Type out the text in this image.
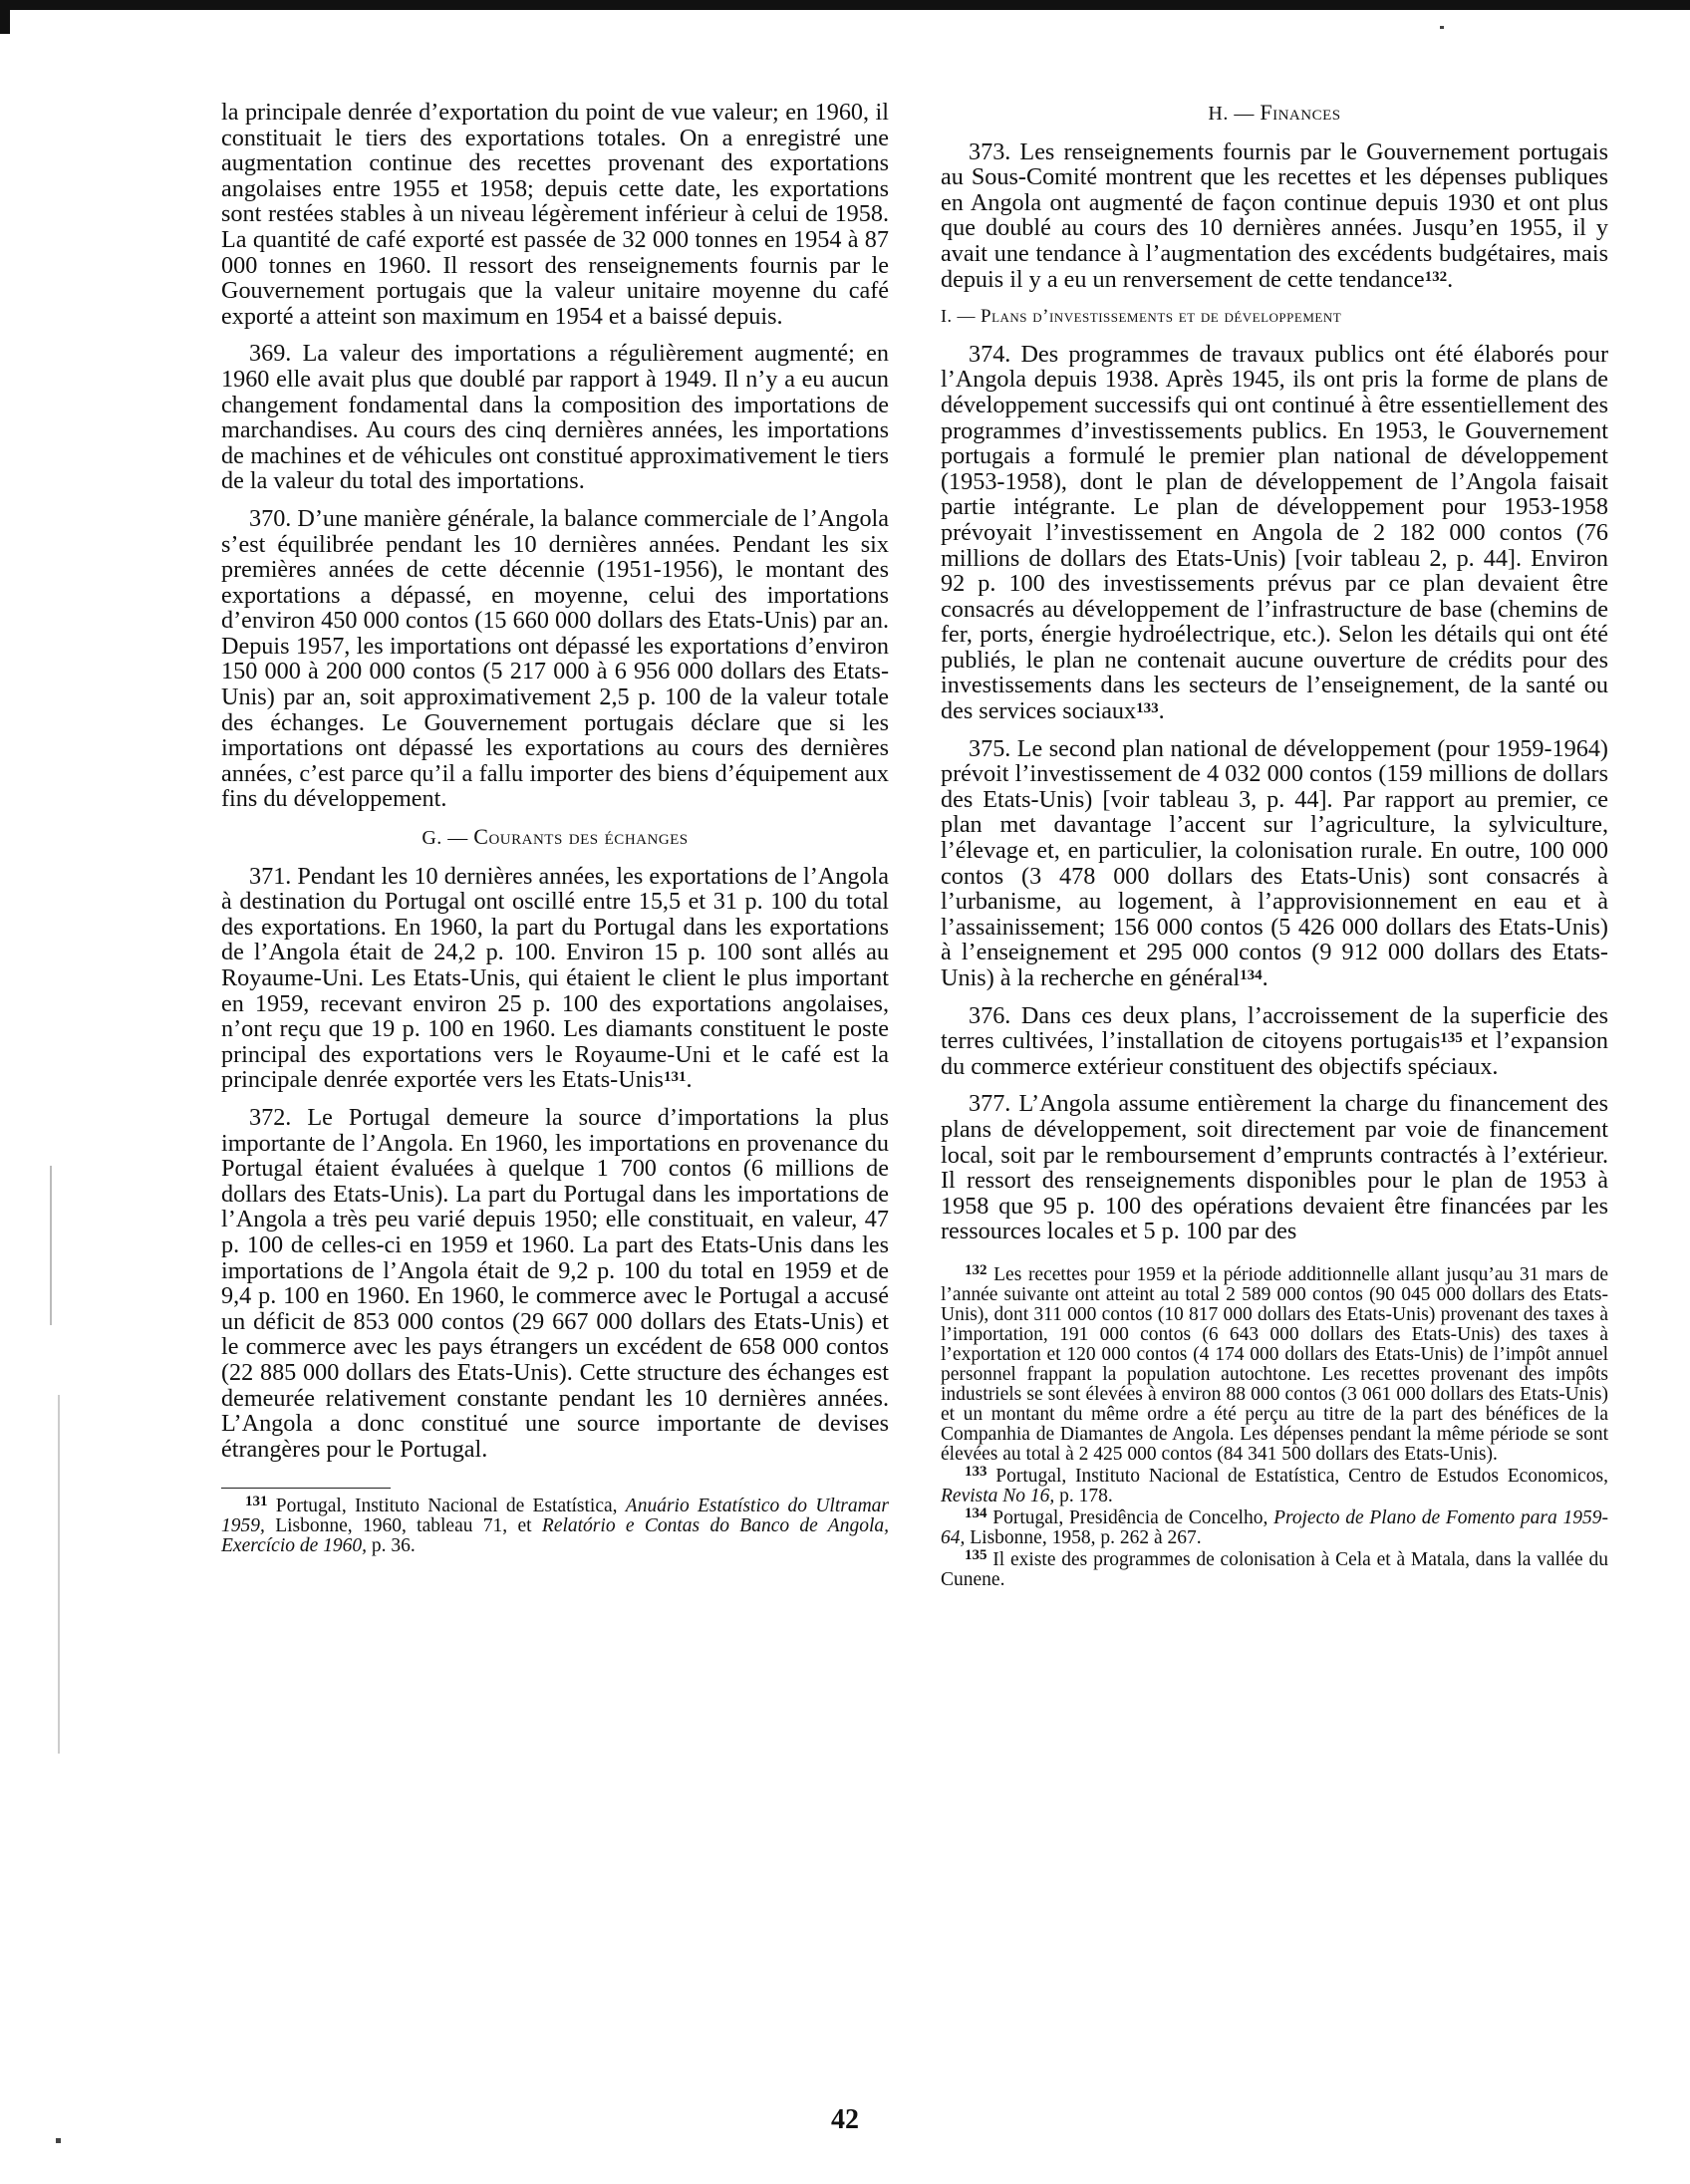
la principale denrée d’exportation du point de vue valeur; en 1960, il constituait le tiers des exportations totales. On a enregistré une augmentation continue des recettes provenant des exportations angolaises entre 1955 et 1958; depuis cette date, les exportations sont restées stables à un niveau légèrement inférieur à celui de 1958. La quantité de café exporté est passée de 32 000 tonnes en 1954 à 87 000 tonnes en 1960. Il ressort des renseignements fournis par le Gouvernement portugais que la valeur unitaire moyenne du café exporté a atteint son maximum en 1954 et a baissé depuis.

369. La valeur des importations a régulièrement augmenté; en 1960 elle avait plus que doublé par rapport à 1949. Il n’y a eu aucun changement fondamental dans la composition des importations de marchandises. Au cours des cinq dernières années, les importations de machines et de véhicules ont constitué approximativement le tiers de la valeur du total des importations.

370. D’une manière générale, la balance commerciale de l’Angola s’est équilibrée pendant les 10 dernières années. Pendant les six premières années de cette décennie (1951-1956), le montant des exportations a dépassé, en moyenne, celui des importations d’environ 450 000 contos (15 660 000 dollars des Etats-Unis) par an. Depuis 1957, les importations ont dépassé les exportations d’environ 150 000 à 200 000 contos (5 217 000 à 6 956 000 dollars des Etats-Unis) par an, soit approximativement 2,5 p. 100 de la valeur totale des échanges. Le Gouvernement portugais déclare que si les importations ont dépassé les exportations au cours des dernières années, c’est parce qu’il a fallu importer des biens d’équipement aux fins du développement.

G. — Courants des échanges

371. Pendant les 10 dernières années, les exportations de l’Angola à destination du Portugal ont oscillé entre 15,5 et 31 p. 100 du total des exportations. En 1960, la part du Portugal dans les exportations de l’Angola était de 24,2 p. 100. Environ 15 p. 100 sont allés au Royaume-Uni. Les Etats-Unis, qui étaient le client le plus important en 1959, recevant environ 25 p. 100 des exportations angolaises, n’ont reçu que 19 p. 100 en 1960. Les diamants constituent le poste principal des exportations vers le Royaume-Uni et le café est la principale denrée exportée vers les Etats-Unis$^{131}$.

372. Le Portugal demeure la source d’importations la plus importante de l’Angola. En 1960, les importations en provenance du Portugal étaient évaluées à quelque 1 700 contos (6 millions de dollars des Etats-Unis). La part du Portugal dans les importations de l’Angola a très peu varié depuis 1950; elle constituait, en valeur, 47 p. 100 de celles-ci en 1959 et 1960. La part des Etats-Unis dans les importations de l’Angola était de 9,2 p. 100 du total en 1959 et de 9,4 p. 100 en 1960. En 1960, le commerce avec le Portugal a accusé un déficit de 853 000 contos (29 667 000 dollars des Etats-Unis) et le commerce avec les pays étrangers un excédent de 658 000 contos (22 885 000 dollars des Etats-Unis). Cette structure des échanges est demeurée relativement constante pendant les 10 dernières années. L’Angola a donc constitué une source importante de devises étrangères pour le Portugal.

$^{131}$ Portugal, Instituto Nacional de Estatística, Anuário Estatístico do Ultramar 1959, Lisbonne, 1960, tableau 71, et Relatório e Contas do Banco de Angola, Exercício de 1960, p. 36.

H. — Finances

373. Les renseignements fournis par le Gouvernement portugais au Sous-Comité montrent que les recettes et les dépenses publiques en Angola ont augmenté de façon continue depuis 1930 et ont plus que doublé au cours des 10 dernières années. Jusqu’en 1955, il y avait une tendance à l’augmentation des excédents budgétaires, mais depuis il y a eu un renversement de cette tendance$^{132}$.

I. — Plans d’investissements et de développement

374. Des programmes de travaux publics ont été élaborés pour l’Angola depuis 1938. Après 1945, ils ont pris la forme de plans de développement successifs qui ont continué à être essentiellement des programmes d’investissements publics. En 1953, le Gouvernement portugais a formulé le premier plan national de développement (1953-1958), dont le plan de développement de l’Angola faisait partie intégrante. Le plan de développement pour 1953-1958 prévoyait l’investissement en Angola de 2 182 000 contos (76 millions de dollars des Etats-Unis) [voir tableau 2, p. 44]. Environ 92 p. 100 des investissements prévus par ce plan devaient être consacrés au développement de l’infrastructure de base (chemins de fer, ports, énergie hydroélectrique, etc.). Selon les détails qui ont été publiés, le plan ne contenait aucune ouverture de crédits pour des investissements dans les secteurs de l’enseignement, de la santé ou des services sociaux$^{133}$.

375. Le second plan national de développement (pour 1959-1964) prévoit l’investissement de 4 032 000 contos (159 millions de dollars des Etats-Unis) [voir tableau 3, p. 44]. Par rapport au premier, ce plan met davantage l’accent sur l’agriculture, la sylviculture, l’élevage et, en particulier, la colonisation rurale. En outre, 100 000 contos (3 478 000 dollars des Etats-Unis) sont consacrés à l’urbanisme, au logement, à l’approvisionnement en eau et à l’assainissement; 156 000 contos (5 426 000 dollars des Etats-Unis) à l’enseignement et 295 000 contos (9 912 000 dollars des Etats-Unis) à la recherche en général$^{134}$.

376. Dans ces deux plans, l’accroissement de la superficie des terres cultivées, l’installation de citoyens portugais$^{135}$ et l’expansion du commerce extérieur constituent des objectifs spéciaux.

377. L’Angola assume entièrement la charge du financement des plans de développement, soit directement par voie de financement local, soit par le remboursement d’emprunts contractés à l’extérieur. Il ressort des renseignements disponibles pour le plan de 1953 à 1958 que 95 p. 100 des opérations devaient être financées par les ressources locales et 5 p. 100 par des

$^{132}$ Les recettes pour 1959 et la période additionnelle allant jusqu’au 31 mars de l’année suivante ont atteint au total 2 589 000 contos (90 045 000 dollars des Etats-Unis), dont 311 000 contos (10 817 000 dollars des Etats-Unis) provenant des taxes à l’importation, 191 000 contos (6 643 000 dollars des Etats-Unis) des taxes à l’exportation et 120 000 contos (4 174 000 dollars des Etats-Unis) de l’impôt annuel personnel frappant la population autochtone. Les recettes provenant des impôts industriels se sont élevées à environ 88 000 contos (3 061 000 dollars des Etats-Unis) et un montant du même ordre a été perçu au titre de la part des bénéfices de la Companhia de Diamantes de Angola. Les dépenses pendant la même période se sont élevées au total à 2 425 000 contos (84 341 500 dollars des Etats-Unis).

$^{133}$ Portugal, Instituto Nacional de Estatística, Centro de Estudos Economicos, Revista No 16, p. 178.

$^{134}$ Portugal, Presidência de Concelho, Projecto de Plano de Fomento para 1959-64, Lisbonne, 1958, p. 262 à 267.

$^{135}$ Il existe des programmes de colonisation à Cela et à Matala, dans la vallée du Cunene.

42
